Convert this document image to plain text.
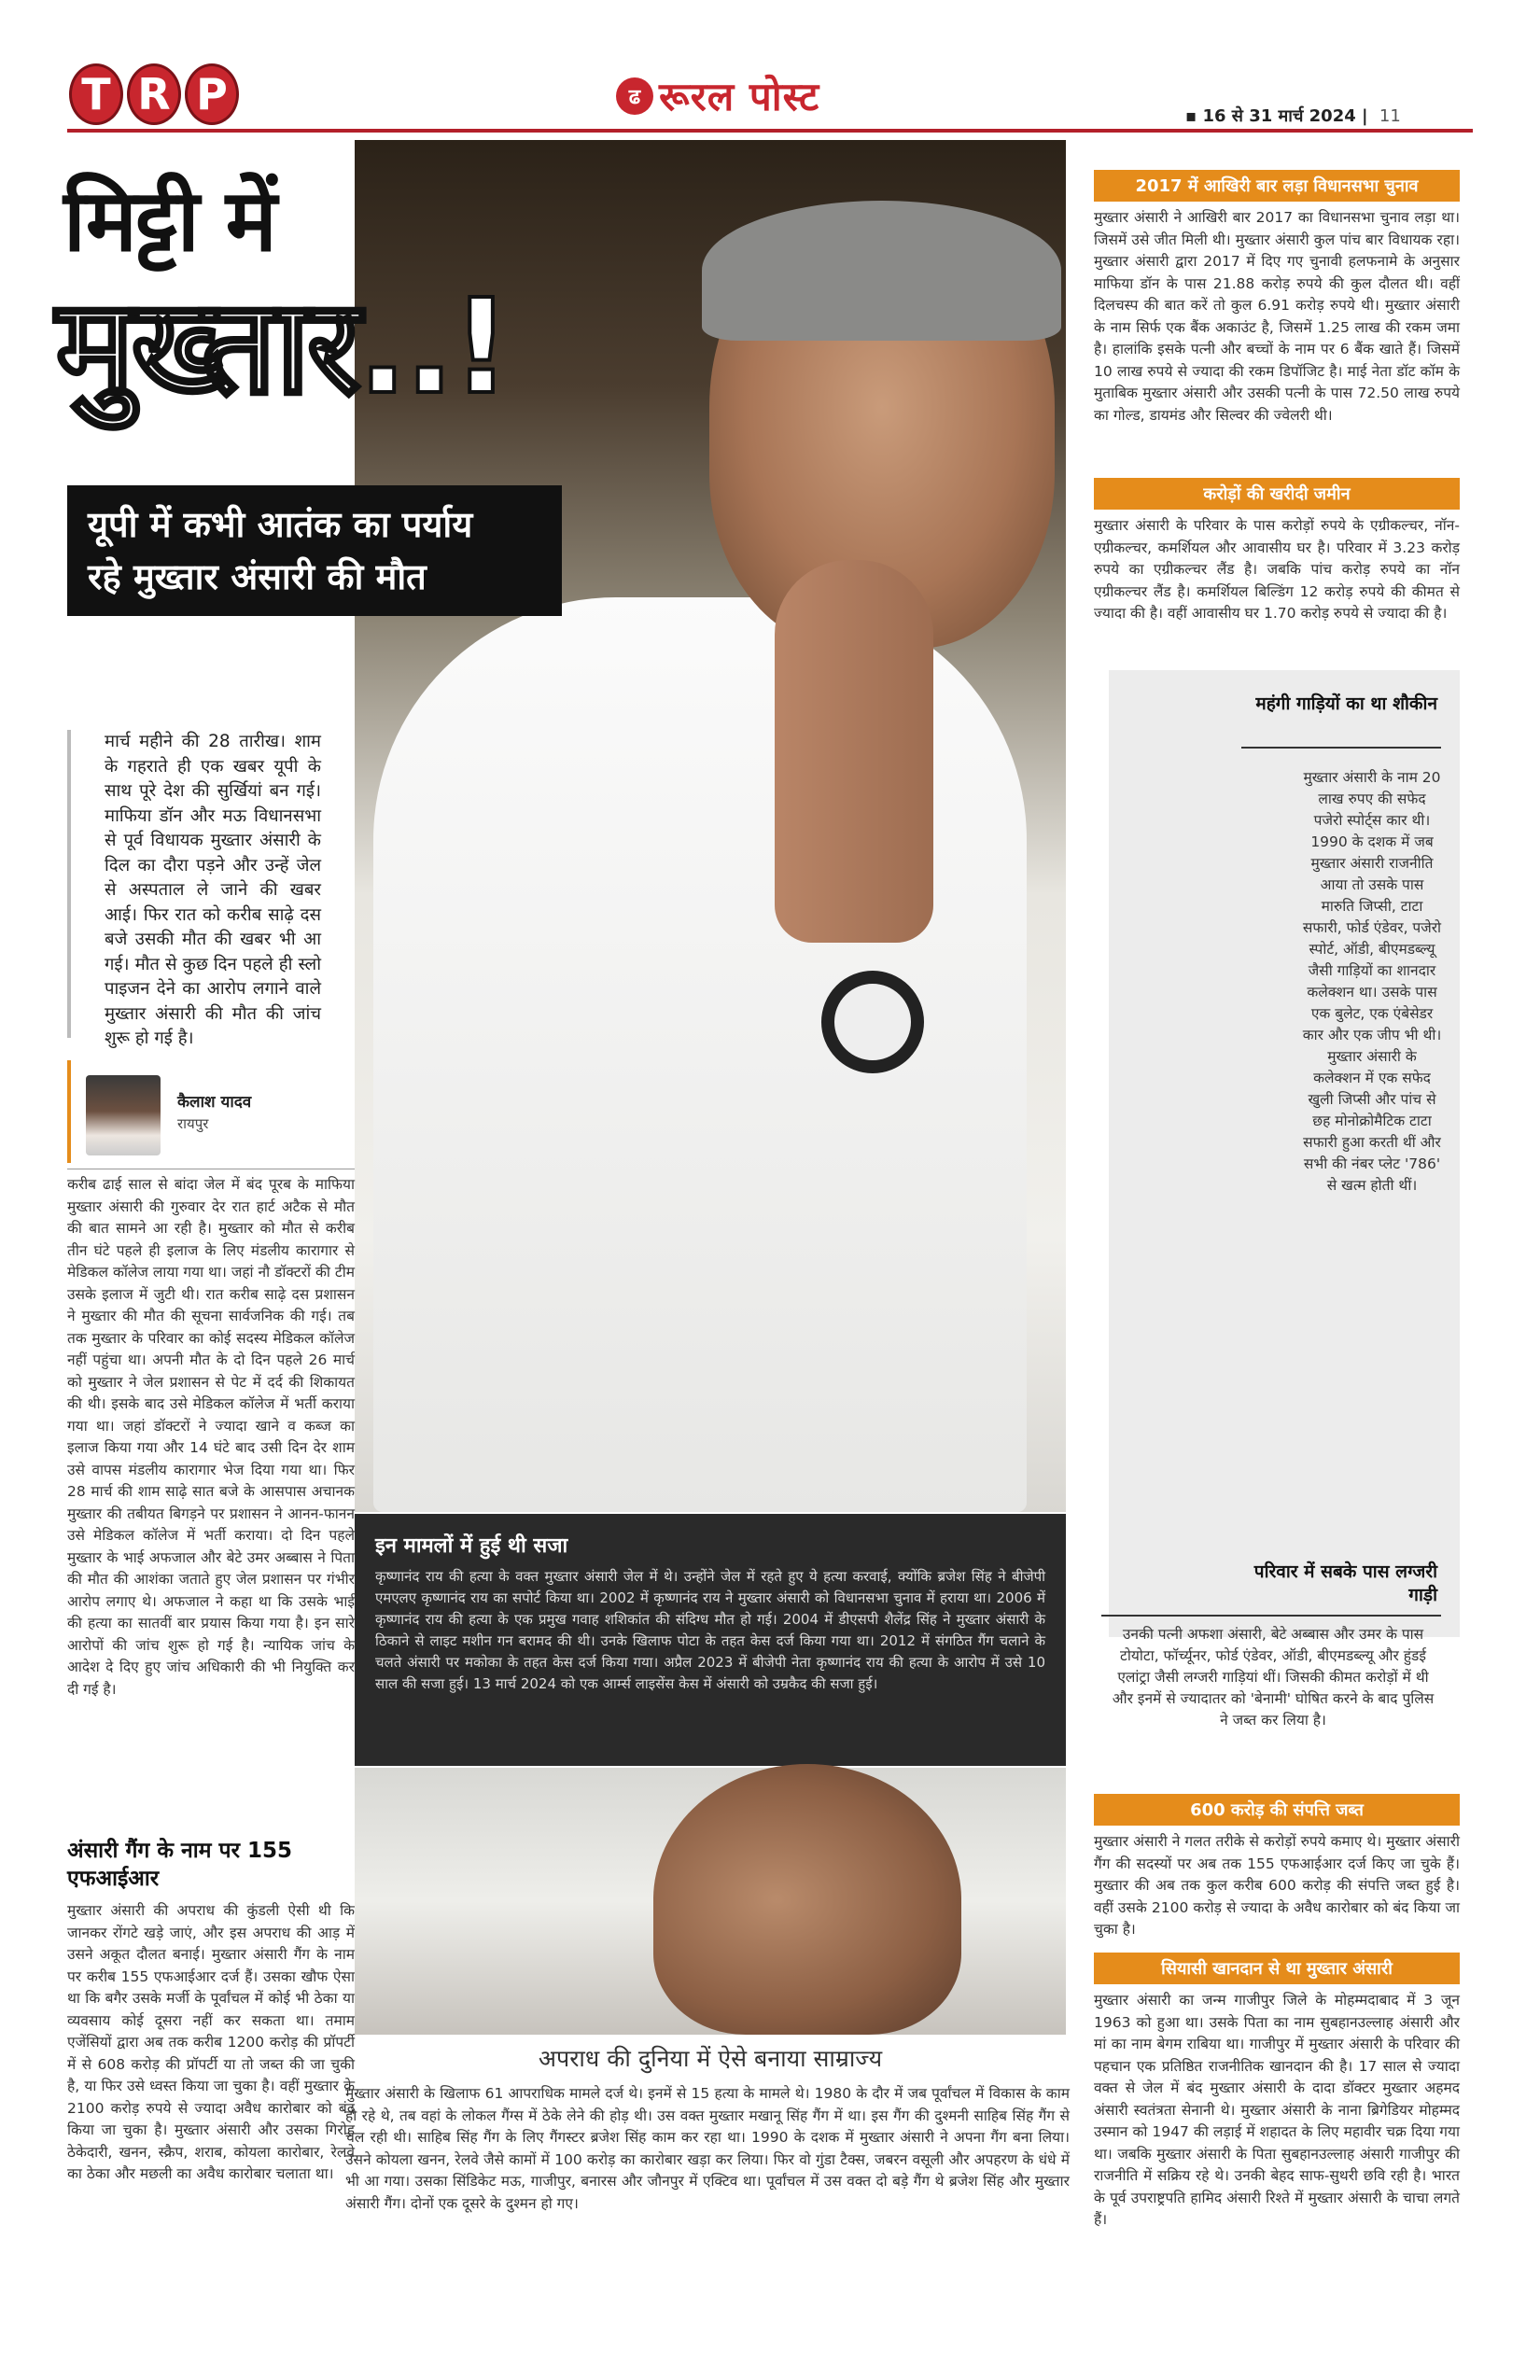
T R P	ढ रूरल पोस्ट	▪ 16 से 31 मार्च 2024 | 11
मिट्टी में
मुख्तार..!
यूपी में कभी आतंक का पर्याय
रहे मुख्तार अंसारी की मौत
मार्च महीने की 28 तारीख। शाम के गहराते ही एक खबर यूपी के साथ पूरे देश की सुर्खियां बन गई। माफिया डॉन और मऊ विधानसभा से पूर्व विधायक मुख्तार अंसारी के दिल का दौरा पड़ने और उन्हें जेल से अस्पताल ले जाने की खबर आई। फिर रात को करीब साढ़े दस बजे उसकी मौत की खबर भी आ गई। मौत से कुछ दिन पहले ही स्लो पाइजन देने का आरोप लगाने वाले मुख्तार अंसारी की मौत की जांच शुरू हो गई है।
कैलाश यादव
रायपुर
करीब ढाई साल से बांदा जेल में बंद पूरब के माफिया मुख्तार अंसारी की गुरुवार देर रात हार्ट अटैक से मौत की बात सामने आ रही है। मुख्तार को मौत से करीब तीन घंटे पहले ही इलाज के लिए मंडलीय कारागार से मेडिकल कॉलेज लाया गया था। जहां नौ डॉक्टरों की टीम उसके इलाज में जुटी थी। रात करीब साढ़े दस प्रशासन ने मुख्तार की मौत की सूचना सार्वजनिक की गई। तब तक मुख्तार के परिवार का कोई सदस्य मेडिकल कॉलेज नहीं पहुंचा था। अपनी मौत के दो दिन पहले 26 मार्च को मुख्तार ने जेल प्रशासन से पेट में दर्द की शिकायत की थी। इसके बाद उसे मेडिकल कॉलेज में भर्ती कराया गया था। जहां डॉक्टरों ने ज्यादा खाने व कब्ज का इलाज किया गया और 14 घंटे बाद उसी दिन देर शाम उसे वापस मंडलीय कारागार भेज दिया गया था। फिर 28 मार्च की शाम साढ़े सात बजे के आसपास अचानक मुख्तार की तबीयत बिगड़ने पर प्रशासन ने आनन-फानन उसे मेडिकल कॉलेज में भर्ती कराया। दो दिन पहले मुख्तार के भाई अफजाल और बेटे उमर अब्बास ने पिता की मौत की आशंका जताते हुए जेल प्रशासन पर गंभीर आरोप लगाए थे। अफजाल ने कहा था कि उसके भाई की हत्या का सातवीं बार प्रयास किया गया है। इन सारे आरोपों की जांच शुरू हो गई है। न्यायिक जांच के आदेश दे दिए हुए जांच अधिकारी की भी नियुक्ति कर दी गई है।
अंसारी गैंग के नाम पर 155 एफआईआर
मुख्तार अंसारी की अपराध की कुंडली ऐसी थी कि जानकर रोंगटे खड़े जाएं, और इस अपराध की आड़ में उसने अकूत दौलत बनाई। मुख्तार अंसारी गैंग के नाम पर करीब 155 एफआईआर दर्ज हैं। उसका खौफ ऐसा था कि बगैर उसके मर्जी के पूर्वांचल में कोई भी ठेका या व्यवसाय कोई दूसरा नहीं कर सकता था। तमाम एजेंसियों द्वारा अब तक करीब 1200 करोड़ की प्रॉपर्टी में से 608 करोड़ की प्रॉपर्टी या तो जब्त की जा चुकी है, या फिर उसे ध्वस्त किया जा चुका है। वहीं मुख्तार के 2100 करोड़ रुपये से ज्यादा अवैध कारोबार को बंद किया जा चुका है। मुख्तार अंसारी और उसका गिरोह ठेकेदारी, खनन, स्क्रैप, शराब, कोयला कारोबार, रेलवे का ठेका और मछली का अवैध कारोबार चलाता था।
इन मामलों में हुई थी सजा

कृष्णानंद राय की हत्या के वक्त मुख्तार अंसारी जेल में थे। उन्होंने जेल में रहते हुए ये हत्या करवाई, क्योंकि ब्रजेश सिंह ने बीजेपी एमएलए कृष्णानंद राय का सपोर्ट किया था। 2002 में कृष्णानंद राय ने मुख्तार अंसारी को विधानसभा चुनाव में हराया था। 2006 में कृष्णानंद राय की हत्या के एक प्रमुख गवाह शशिकांत की संदिग्ध मौत हो गई। 2004 में डीएसपी शैलेंद्र सिंह ने मुख्तार अंसारी के ठिकाने से लाइट मशीन गन बरामद की थी। उनके खिलाफ पोटा के तहत केस दर्ज किया गया था। 2012 में संगठित गैंग चलाने के चलते अंसारी पर मकोका के तहत केस दर्ज किया गया। अप्रैल 2023 में बीजेपी नेता कृष्णानंद राय की हत्या के आरोप में उसे 10 साल की सजा हुई। 13 मार्च 2024 को एक आर्म्स लाइसेंस केस में अंसारी को उम्रकैद की सजा हुई।

अपराध की दुनिया में ऐसे बनाया साम्राज्य
मुख्तार अंसारी के खिलाफ 61 आपराधिक मामले दर्ज थे। इनमें से 15 हत्या के मामले थे। 1980 के दौर में जब पूर्वांचल में विकास के काम हो रहे थे, तब वहां के लोकल गैंग्स में ठेके लेने की होड़ थी। उस वक्त मुख्तार मखानू सिंह गैंग में था। इस गैंग की दुश्मनी साहिब सिंह गैंग से चल रही थी। साहिब सिंह गैंग के लिए गैंगस्टर ब्रजेश सिंह काम कर रहा था। 1990 के दशक में मुख्तार अंसारी ने अपना गैंग बना लिया। उसने कोयला खनन, रेलवे जैसे कामों में 100 करोड़ का कारोबार खड़ा कर लिया। फिर वो गुंडा टैक्स, जबरन वसूली और अपहरण के धंधे में भी आ गया। उसका सिंडिकेट मऊ, गाजीपुर, बनारस और जौनपुर में एक्टिव था। पूर्वांचल में उस वक्त दो बड़े गैंग थे ब्रजेश सिंह और मुख्तार अंसारी गैंग। दोनों एक दूसरे के दुश्मन हो गए।
2017 में आखिरी बार लड़ा विधानसभा चुनाव
मुख्तार अंसारी ने आखिरी बार 2017 का विधानसभा चुनाव लड़ा था। जिसमें उसे जीत मिली थी। मुख्तार अंसारी कुल पांच बार विधायक रहा। मुख्तार अंसारी द्वारा 2017 में दिए गए चुनावी हलफनामे के अनुसार माफिया डॉन के पास 21.88 करोड़ रुपये की कुल दौलत थी। वहीं दिलचस्प की बात करें तो कुल 6.91 करोड़ रुपये थी। मुख्तार अंसारी के नाम सिर्फ एक बैंक अकाउंट है, जिसमें 1.25 लाख की रकम जमा है। हालांकि इसके पत्नी और बच्चों के नाम पर 6 बैंक खाते हैं। जिसमें 10 लाख रुपये से ज्यादा की रकम डिपॉजिट है। माई नेता डॉट कॉम के मुताबिक मुख्तार अंसारी और उसकी पत्नी के पास 72.50 लाख रुपये का गोल्ड, डायमंड और सिल्वर की ज्वेलरी थी।
करोड़ों की खरीदी जमीन
मुख्तार अंसारी के परिवार के पास करोड़ों रुपये के एग्रीकल्चर, नॉन-एग्रीकल्चर, कमर्शियल और आवासीय घर है। परिवार में 3.23 करोड़ रुपये का एग्रीकल्चर लैंड है। जबकि पांच करोड़ रुपये का नॉन एग्रीकल्चर लैंड है। कमर्शियल बिल्डिंग 12 करोड़ रुपये की कीमत से ज्यादा की है। वहीं आवासीय घर 1.70 करोड़ रुपये से ज्यादा की है।
महंगी गाड़ियों का था शौकीन
मुख्तार अंसारी के नाम 20 लाख रुपए की सफेद पजेरो स्पोर्ट्स कार थी। 1990 के दशक में जब मुख्तार अंसारी राजनीति आया तो उसके पास मारुति जिप्सी, टाटा सफारी, फोर्ड एंडेवर, पजेरो स्पोर्ट, ऑडी, बीएमडब्ल्यू जैसी गाड़ियों का शानदार कलेक्शन था। उसके पास एक बुलेट, एक एंबेसेडर कार और एक जीप भी थी। मुख्तार अंसारी के कलेक्शन में एक सफेद खुली जिप्सी और पांच से छह मोनोक्रोमैटिक टाटा सफारी हुआ करती थीं और सभी की नंबर प्लेट '786' से खत्म होती थीं।
परिवार में सबके पास लग्जरी गाड़ी
उनकी पत्नी अफशा अंसारी, बेटे अब्बास और उमर के पास टोयोटा, फॉर्च्यूनर, फोर्ड एंडेवर, ऑडी, बीएमडब्ल्यू और हुंडई एलांट्रा जैसी लग्जरी गाड़ियां थीं। जिसकी कीमत करोड़ों में थी और इनमें से ज्यादातर को 'बेनामी' घोषित करने के बाद पुलिस ने जब्त कर लिया है।
600 करोड़ की संपत्ति जब्त
मुख्तार अंसारी ने गलत तरीके से करोड़ों रुपये कमाए थे। मुख्तार अंसारी गैंग की सदस्यों पर अब तक 155 एफआईआर दर्ज किए जा चुके हैं। मुख्तार की अब तक कुल करीब 600 करोड़ की संपत्ति जब्त हुई है। वहीं उसके 2100 करोड़ से ज्यादा के अवैध कारोबार को बंद किया जा चुका है।
सियासी खानदान से था मुख्तार अंसारी
मुख्तार अंसारी का जन्म गाजीपुर जिले के मोहम्मदाबाद में 3 जून 1963 को हुआ था। उसके पिता का नाम सुबहानउल्लाह अंसारी और मां का नाम बेगम राबिया था। गाजीपुर में मुख्तार अंसारी के परिवार की पहचान एक प्रतिष्ठित राजनीतिक खानदान की है। 17 साल से ज्यादा वक्त से जेल में बंद मुख्तार अंसारी के दादा डॉक्टर मुख्तार अहमद अंसारी स्वतंत्रता सेनानी थे। मुख्तार अंसारी के नाना ब्रिगेडियर मोहम्मद उस्मान को 1947 की लड़ाई में शहादत के लिए महावीर चक्र दिया गया था। जबकि मुख्तार अंसारी के पिता सुबहानउल्लाह अंसारी गाजीपुर की राजनीति में सक्रिय रहे थे। उनकी बेहद साफ-सुथरी छवि रही है। भारत के पूर्व उपराष्ट्रपति हामिद अंसारी रिश्ते में मुख्तार अंसारी के चाचा लगते हैं।
